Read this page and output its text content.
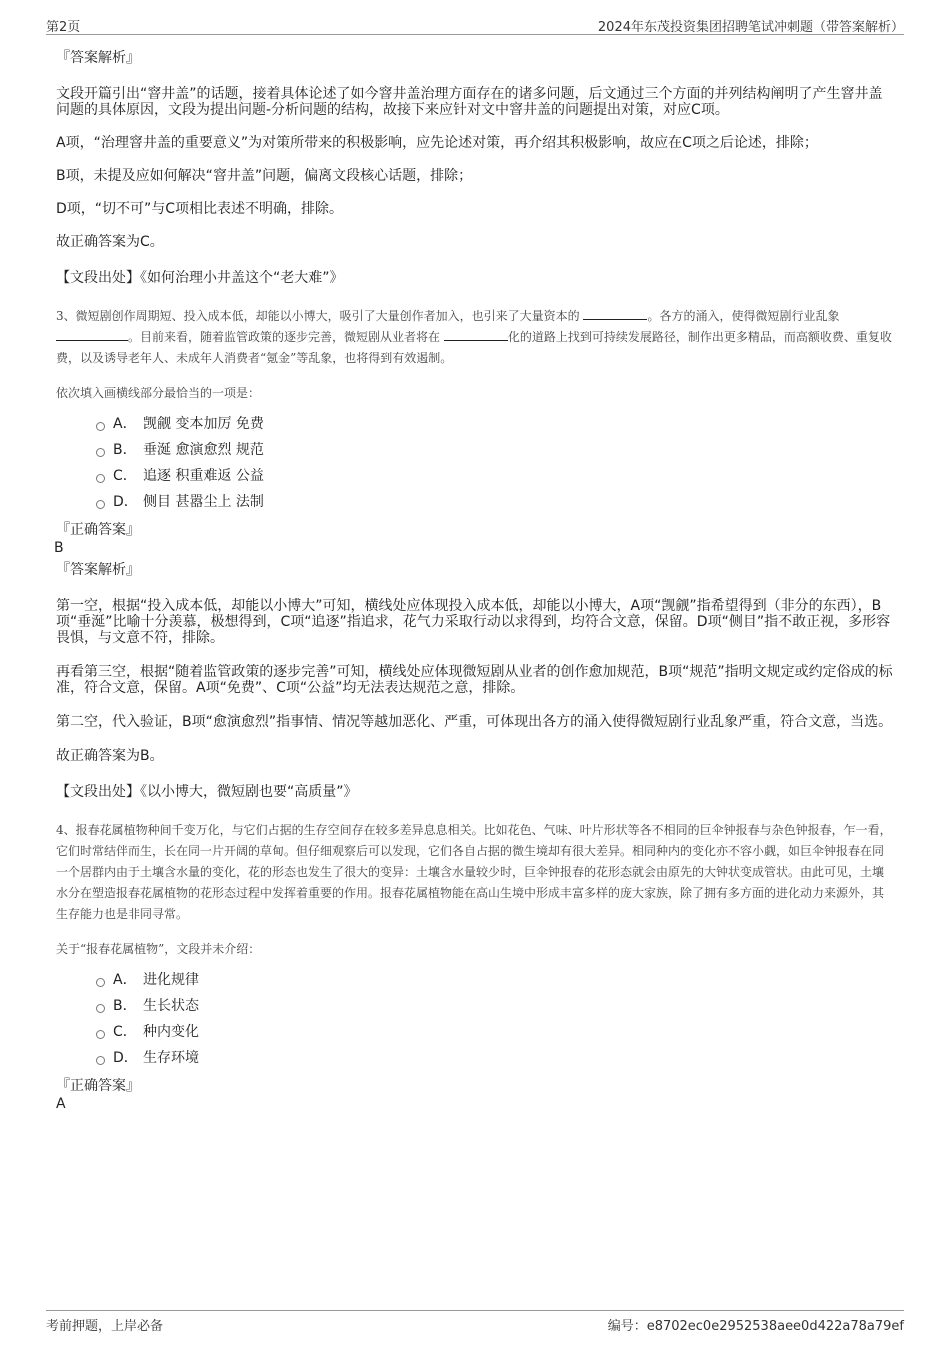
第2页	2024年东茂投资集团招聘笔试冲刺题（带答案解析）

『答案解析』

文段开篇引出“窨井盖”的话题，接着具体论述了如今窨井盖治理方面存在的诸多问题，后文通过三个方面的并列结构阐明了产生窨井盖问题的具体原因，文段为提出问题-分析问题的结构，故接下来应针对文中窨井盖的问题提出对策，对应C项。

A项，“治理窨井盖的重要意义”为对策所带来的积极影响，应先论述对策，再介绍其积极影响，故应在C项之后论述，排除；

B项，未提及应如何解决“窨井盖”问题，偏离文段核心话题，排除；

D项，“切不可”与C项相比表述不明确，排除。

故正确答案为C。

【文段出处】《如何治理小井盖这个“老大难”》

3、微短剧创作周期短、投入成本低，却能以小博大，吸引了大量创作者加入，也引来了大量资本的	。各方的涌入，使得微短剧行业乱象 。目前来看，随着监管政策的逐步完善，微短剧从业者将在	化的道路上找到可持续发展路径，制作出更多精品，而高额收费、重复收费，以及诱导老年人、未成年人消费者“氪金”等乱象，也将得到有效遏制。

依次填入画横线部分最恰当的一项是：

A． 觊觎 变本加厉 免费
B． 垂涎 愈演愈烈 规范
C． 追逐 积重难返 公益
D． 侧目 甚嚣尘上 法制

『正确答案』

B

『答案解析』

第一空，根据“投入成本低，却能以小博大”可知，横线处应体现投入成本低，却能以小博大，A项“觊觎”指希望得到（非分的东西），B项“垂涎”比喻十分羡慕，极想得到，C项“追逐”指追求，花气力采取行动以求得到，均符合文意，保留。D项“侧目”指不敢正视，多形容畏惧，与文意不符，排除。

再看第三空，根据“随着监管政策的逐步完善”可知，横线处应体现微短剧从业者的创作愈加规范，B项“规范”指明文规定或约定俗成的标准，符合文意，保留。A项“免费”、C项“公益”均无法表达规范之意，排除。

第二空，代入验证，B项“愈演愈烈”指事情、情况等越加恶化、严重，可体现出各方的涌入使得微短剧行业乱象严重，符合文意，当选。

故正确答案为B。

【文段出处】《以小博大，微短剧也要“高质量”》

4、报春花属植物种间千变万化，与它们占据的生存空间存在较多差异息息相关。比如花色、气味、叶片形状等各不相同的巨伞钟报春与杂色钟报春，乍一看，它们时常结伴而生，长在同一片开阔的草甸。但仔细观察后可以发现，它们各自占据的微生境却有很大差异。相同种内的变化亦不容小觑，如巨伞钟报春在同一个居群内由于土壤含水量的变化，花的形态也发生了很大的变异：土壤含水量较少时，巨伞钟报春的花形态就会由原先的大钟状变成管状。由此可见，土壤水分在塑造报春花属植物的花形态过程中发挥着重要的作用。报春花属植物能在高山生境中形成丰富多样的庞大家族，除了拥有多方面的进化动力来源外，其生存能力也是非同寻常。

关于“报春花属植物”，文段并未介绍：

A． 进化规律
B． 生长状态
C． 种内变化
D． 生存环境

『正确答案』

A

考前押题，上岸必备	编号：e8702ec0e2952538aee0d422a78a79ef
